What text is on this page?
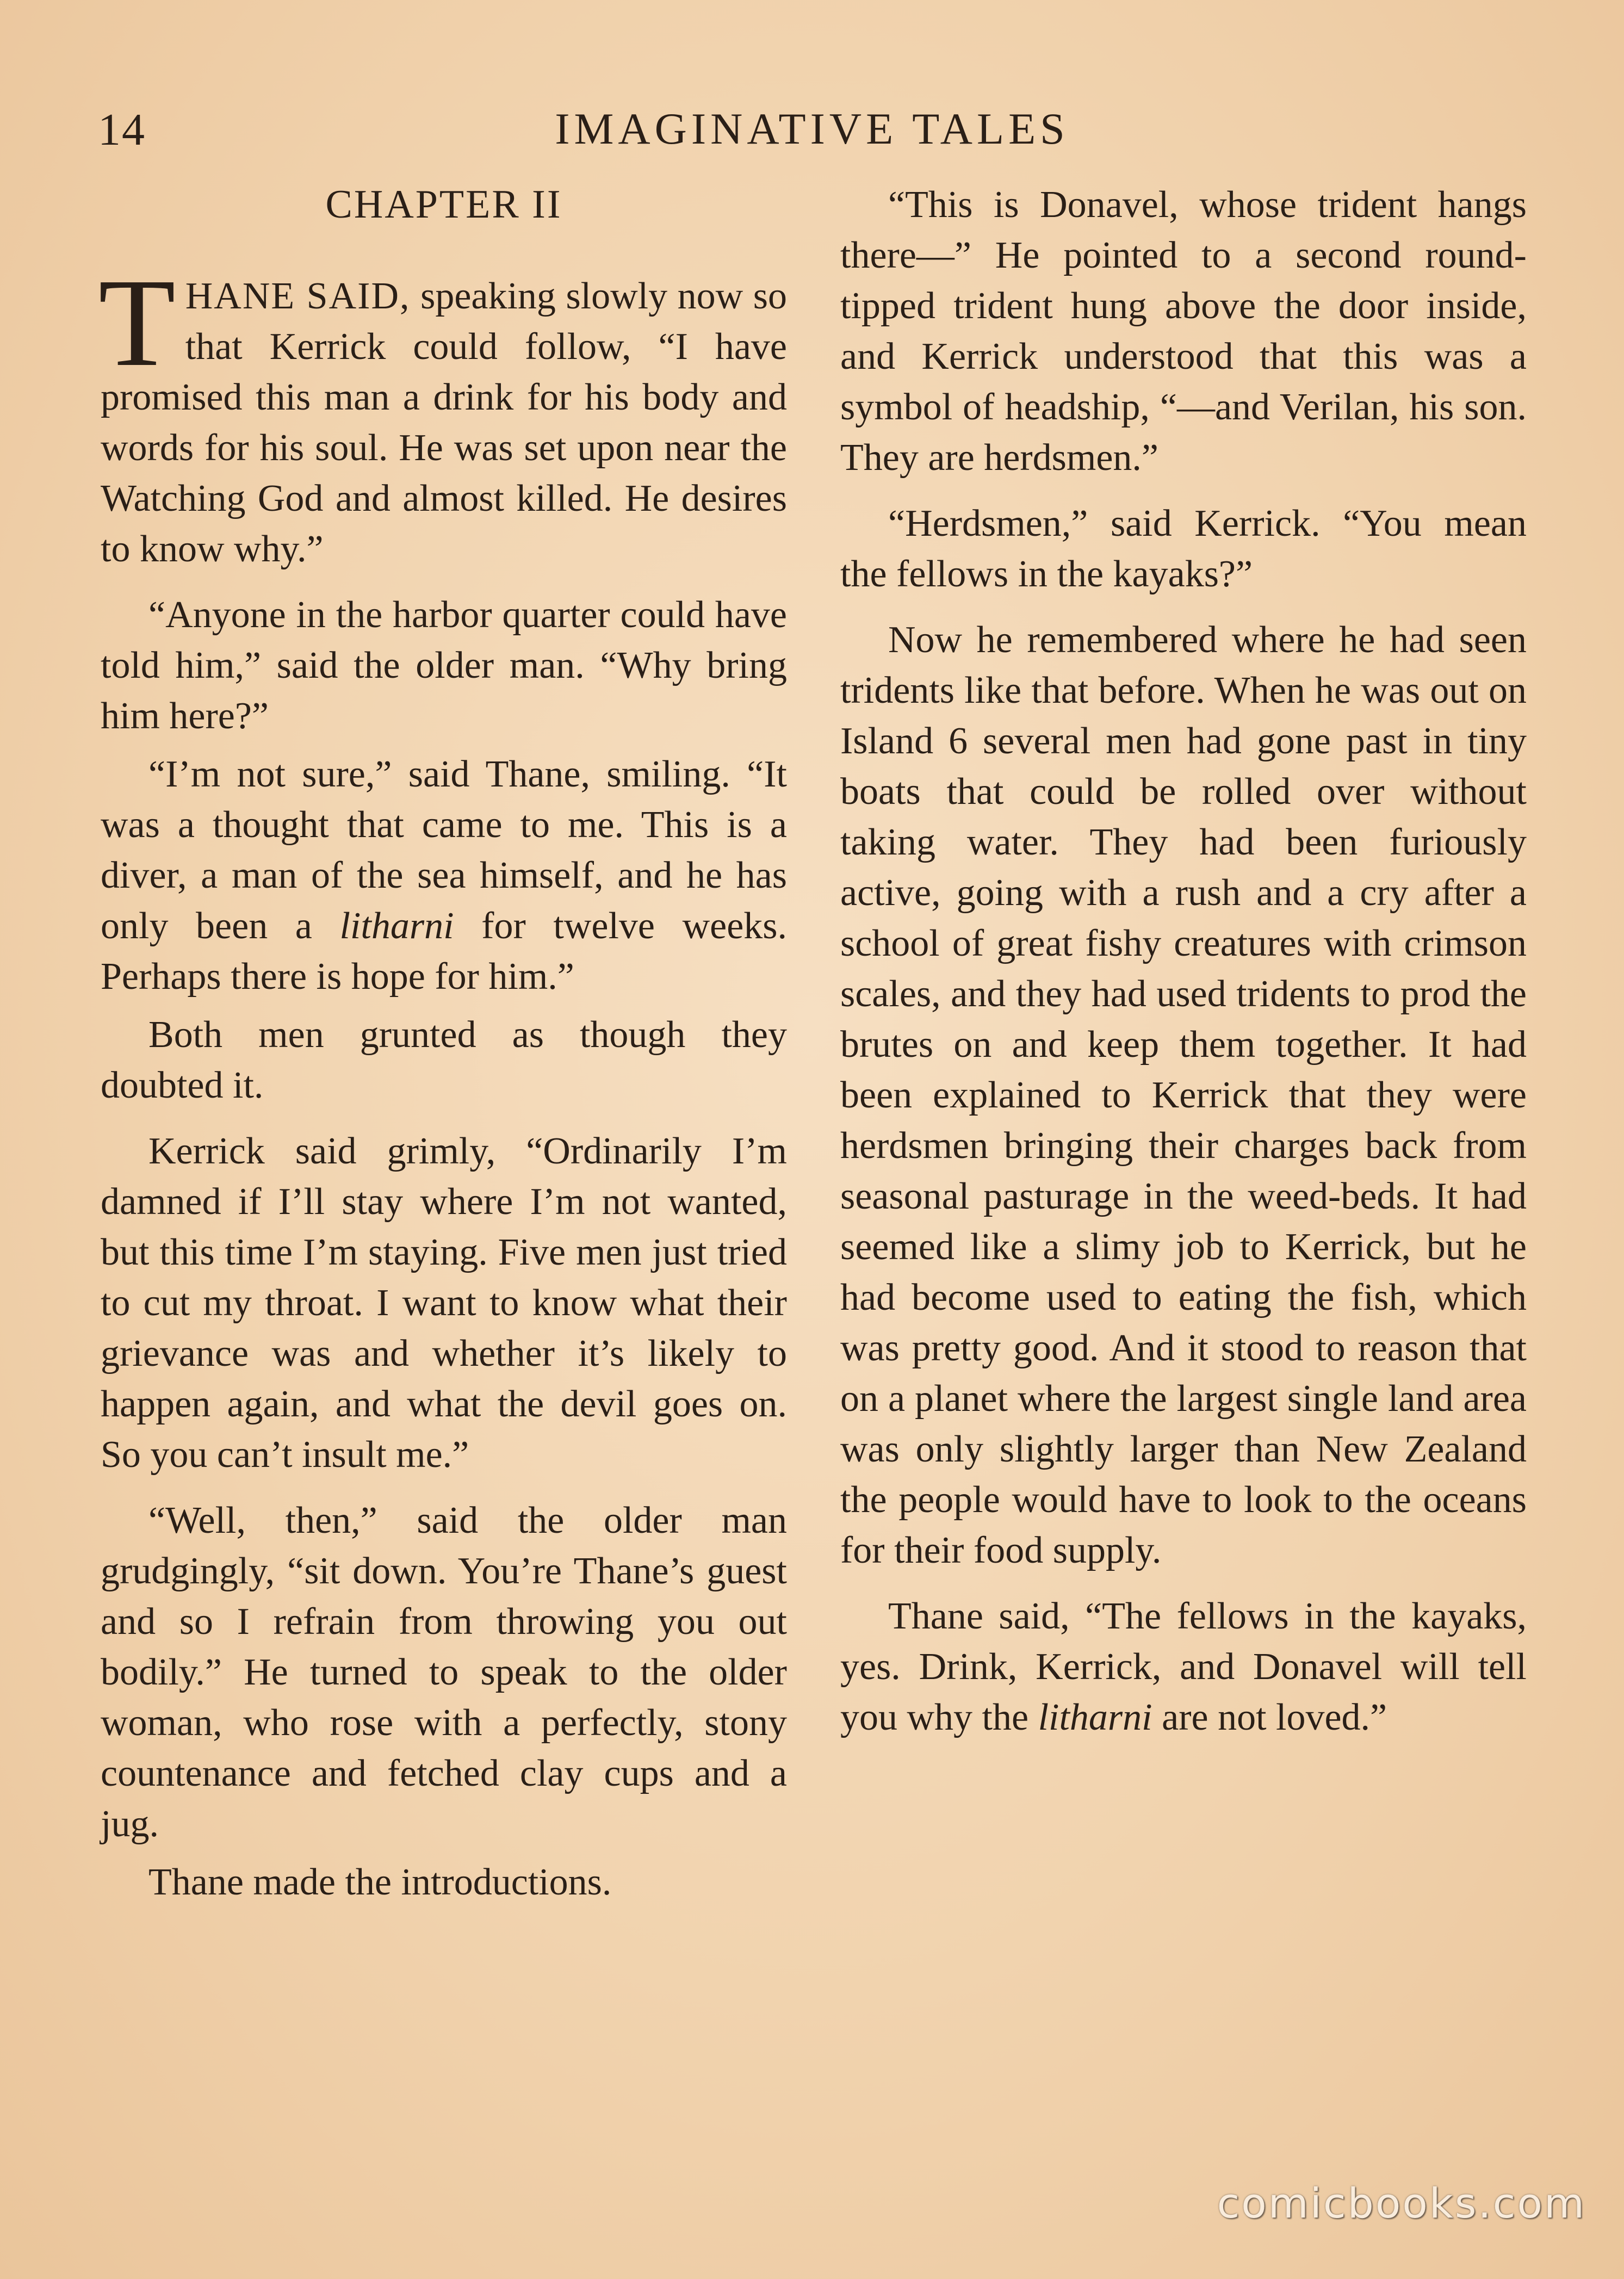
14	IMAGINATIVE TALES
CHAPTER II

THANE SAID, speaking slowly now so that Kerrick could follow, “I have promised this man a drink for his body and words for his soul. He was set upon near the Watching God and almost killed. He desires to know why.”

“Anyone in the harbor quarter could have told him,” said the older man. “Why bring him here?”

“I’m not sure,” said Thane, smiling. “It was a thought that came to me. This is a diver, a man of the sea himself, and he has only been a litharni for twelve weeks. Perhaps there is hope for him.”

Both men grunted as though they doubted it.

Kerrick said grimly, “Ordinarily I’m damned if I’ll stay where I’m not wanted, but this time I’m staying. Five men just tried to cut my throat. I want to know what their grievance was and whether it’s likely to happen again, and what the devil goes on. So you can’t insult me.”

“Well, then,” said the older man grudgingly, “sit down. You’re Thane’s guest and so I refrain from throwing you out bodily.” He turned to speak to the older woman, who rose with a perfectly, stony countenance and fetched clay cups and a jug.

Thane made the introductions.

“This is Donavel, whose trident hangs there—” He pointed to a second round-tipped trident hung above the door inside, and Kerrick understood that this was a symbol of headship, “—and Verilan, his son. They are herdsmen.”

“Herdsmen,” said Kerrick. “You mean the fellows in the kayaks?”

Now he remembered where he had seen tridents like that before. When he was out on Island 6 several men had gone past in tiny boats that could be rolled over without taking water. They had been furiously active, going with a rush and a cry after a school of great fishy creatures with crimson scales, and they had used tridents to prod the brutes on and keep them together. It had been explained to Kerrick that they were herdsmen bringing their charges back from seasonal pasturage in the weed-beds. It had seemed like a slimy job to Kerrick, but he had become used to eating the fish, which was pretty good. And it stood to reason that on a planet where the largest single land area was only slightly larger than New Zealand the people would have to look to the oceans for their food supply.

Thane said, “The fellows in the kayaks, yes. Drink, Kerrick, and Donavel will tell you why the litharni are not loved.”

comicbooks.com
